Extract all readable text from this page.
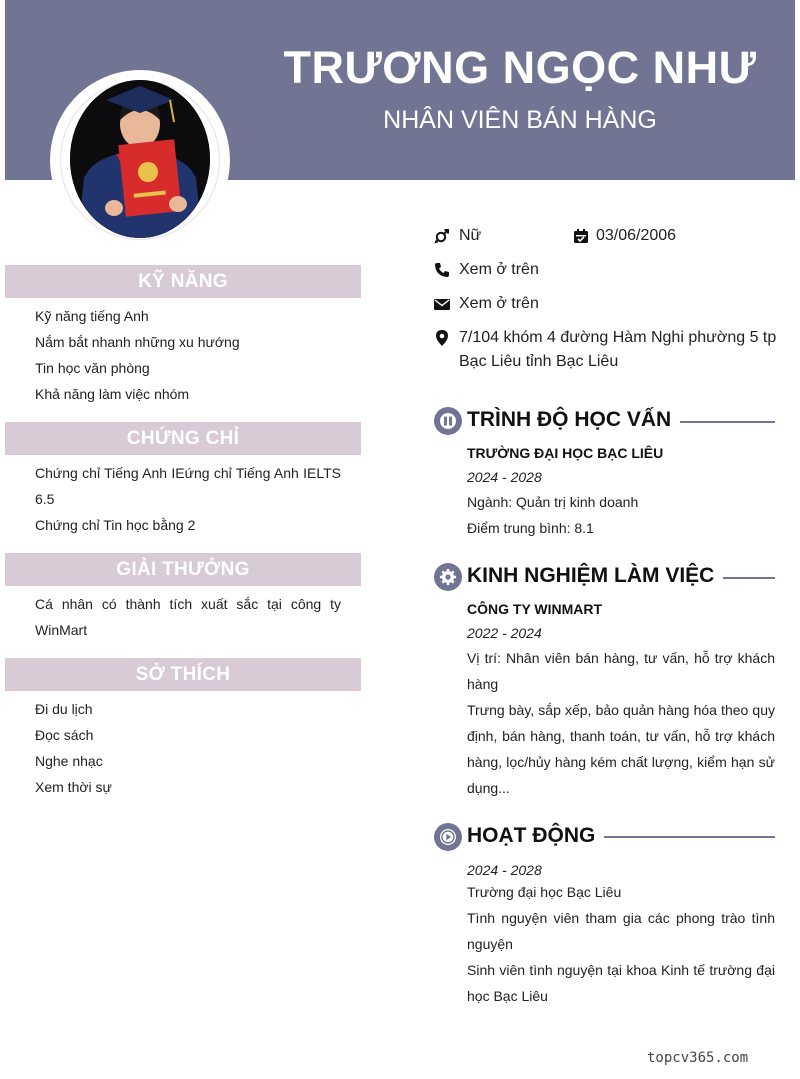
TRƯƠNG NGỌC NHƯ
NHÂN VIÊN BÁN HÀNG
KỸ NĂNG
Kỹ năng tiếng Anh
Nắm bắt nhanh những xu hướng
Tin học văn phòng
Khả năng làm việc nhóm
CHỨNG CHỈ
Chứng chỉ Tiếng Anh IEứng chỉ Tiếng Anh IELTS 6.5
Chứng chỉ Tin học bằng 2
GIẢI THƯỞNG
Cá nhân có thành tích xuất sắc tại công ty WinMart
SỞ THÍCH
Đi du lịch
Đọc sách
Nghe nhạc
Xem thời sự
Nữ	03/06/2006
Xem ở trên
Xem ở trên
7/104 khóm 4 đường Hàm Nghi phường 5 tp Bạc Liêu tỉnh Bạc Liêu
TRÌNH ĐỘ HỌC VẤN
TRƯỜNG ĐẠI HỌC BẠC LIÊU
2024 - 2028
Ngành: Quản trị kinh doanh
Điểm trung bình: 8.1
KINH NGHIỆM LÀM VIỆC
CÔNG TY WINMART
2022 - 2024
Vị trí: Nhân viên bán hàng, tư vấn, hỗ trợ khách hàng
Trưng bày, sắp xếp, bảo quản hàng hóa theo quy định, bán hàng, thanh toán, tư vấn, hỗ trợ khách hàng, lọc/hủy hàng kém chất lượng, kiểm hạn sử dụng...
HOẠT ĐỘNG
2024 - 2028
Trường đại học Bạc Liêu
Tình nguyện viên tham gia các phong trào tình nguyện
Sinh viên tình nguyện tại khoa Kinh tế trường đại học Bạc Liêu
topcv365.com
